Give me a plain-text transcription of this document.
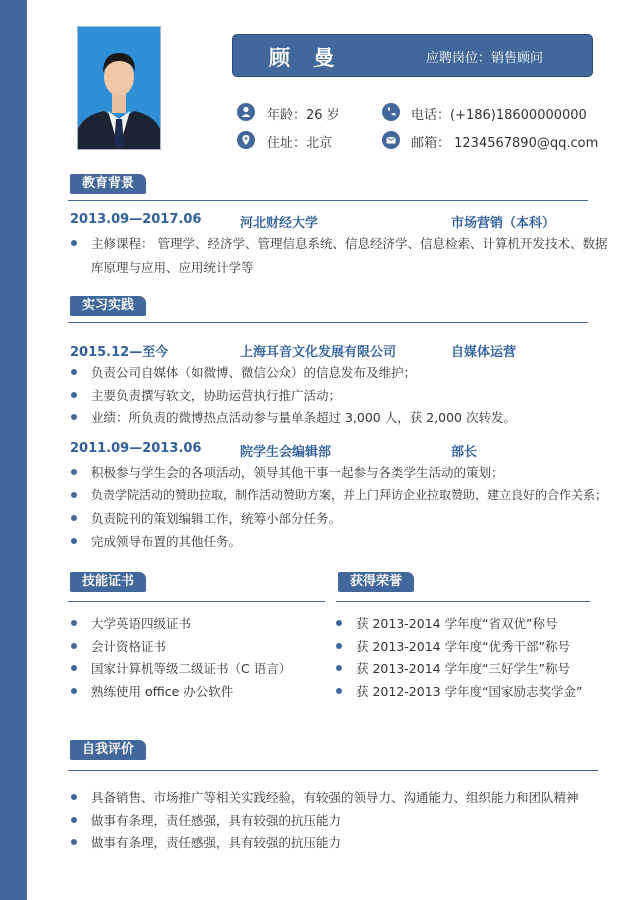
顾 曼	应聘岗位：销售顾问
年龄：26 岁	电话：(+186)18600000000
住址：北京	邮箱： 1234567890@qq.com
教育背景
2013.09—2017.06	河北财经大学	市场营销（本科）
主修课程： 管理学、经济学、管理信息系统、信息经济学、信息检索、计算机开发技术、数据
库原理与应用、应用统计学等
实习实践
2015.12—至今	上海耳音文化发展有限公司	自媒体运营
负责公司自媒体（如微博、微信公众）的信息发布及维护；
主要负责撰写软文，协助运营执行推广活动；
业绩：所负责的微博热点活动参与量单条超过 3,000 人，获 2,000 次转发。
2011.09—2013.06	院学生会编辑部	部长
积极参与学生会的各项活动，领导其他干事一起参与各类学生活动的策划；
负责学院活动的赞助拉取，制作活动赞助方案，并上门拜访企业拉取赞助，建立良好的合作关系；
负责院刊的策划编辑工作，统筹小部分任务。
完成领导布置的其他任务。
技能证书
大学英语四级证书
会计资格证书
国家计算机等级二级证书（C 语言）
熟练使用 office 办公软件
获得荣誉
获 2013-2014 学年度“省双优”称号
获 2013-2014 学年度“优秀干部”称号
获 2013-2014 学年度“三好学生”称号
获 2012-2013 学年度“国家励志奖学金”
自我评价
具备销售、市场推广等相关实践经验，有较强的领导力、沟通能力、组织能力和团队精神
做事有条理，责任感强，具有较强的抗压能力
做事有条理，责任感强，具有较强的抗压能力
